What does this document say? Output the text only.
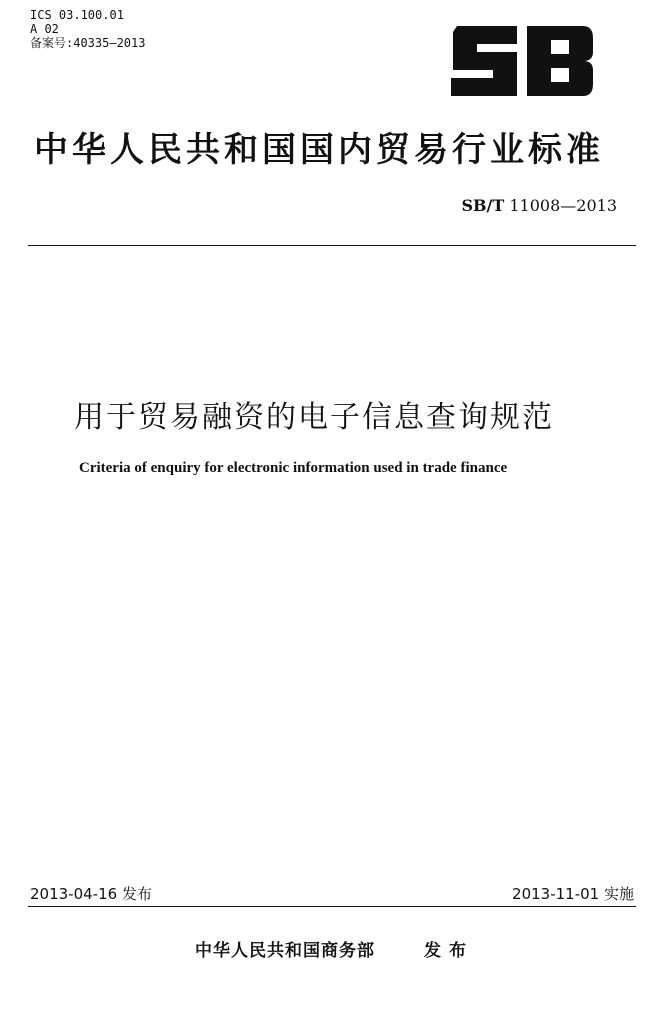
ICS 03.100.01
A 02
备案号:40335—2013
中华人民共和国国内贸易行业标准
SB/T 11008—2013
用于贸易融资的电子信息查询规范
Criteria of enquiry for electronic information used in trade finance
2013-04-16 发布	2013-11-01 实施
中华人民共和国商务部	发布
